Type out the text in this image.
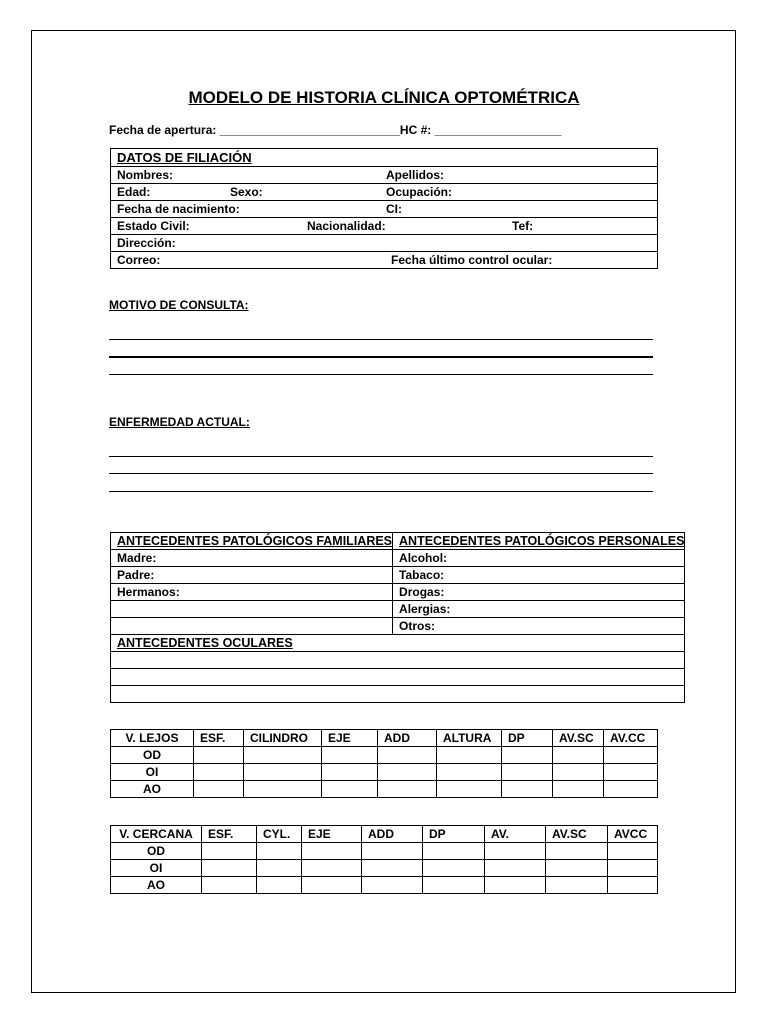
MODELO DE HISTORIA CLÍNICA OPTOMÉTRICA
Fecha de apertura: ___________________________HC #: ___________________
DATOS DE FILIACIÓN
Nombres:	Apellidos:

Edad:	Sexo:	Ocupación:

Fecha de nacimiento:	CI:

Estado Civil:	Nacionalidad:	Tef:

Dirección:
Correo:	Fecha último control ocular:
MOTIVO DE CONSULTA:
ENFERMEDAD ACTUAL:
ANTECEDENTES PATOLÓGICOS FAMILIARES	ANTECEDENTES PATOLÓGICOS PERSONALES
Madre:	Alcohol:
Padre:	Tabaco:
Hermanos:	Drogas:
	Alergias:
	Otros:
ANTECEDENTES OCULARES	

V. LEJOS	ESF.	CILINDRO	EJE	ADD	ALTURA	DP	AV.SC	AV.CC
OD								
OI								
AO								
V. CERCANA	ESF.	CYL.	EJE	ADD	DP	AV.	AV.SC	AVCC
OD								
OI								
AO								
